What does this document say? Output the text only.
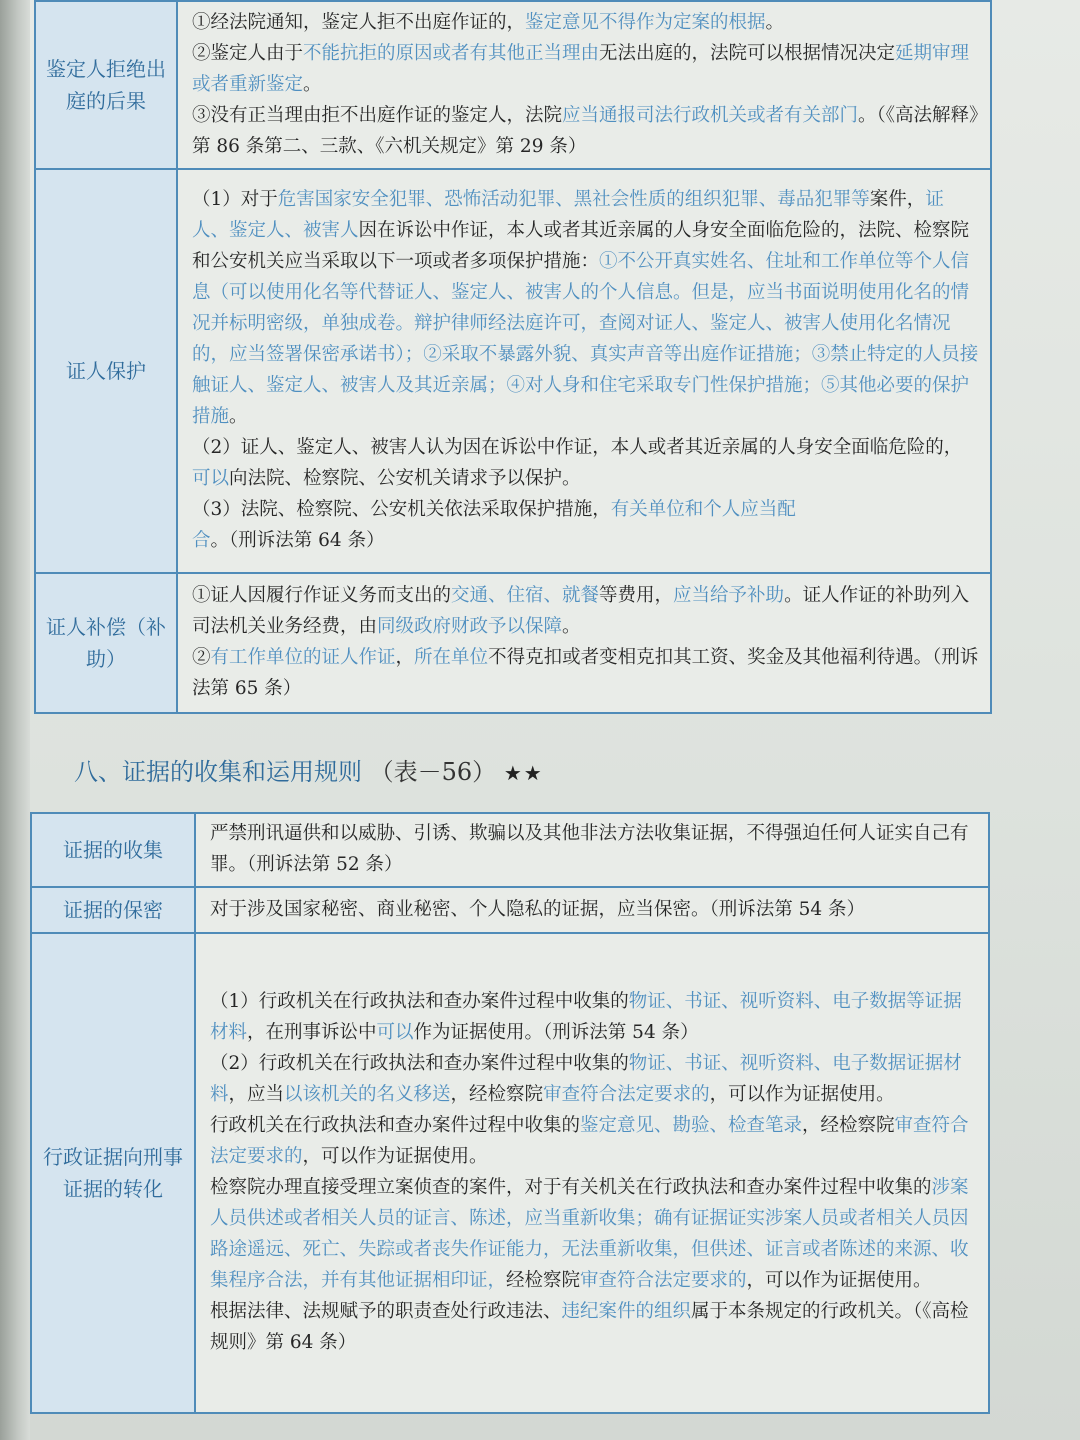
鉴定人拒绝出庭的后果	①经法院通知，鉴定人拒不出庭作证的，鉴定意见不得作为定案的根据。

②鉴定人由于不能抗拒的原因或者有其他正当理由无法出庭的，法院可以根据情况决定延期审理或者重新鉴定。

③没有正当理由拒不出庭作证的鉴定人，法院应当通报司法行政机关或者有关部门。（《高法解释》第 86 条第二、三款、《六机关规定》第 29 条）

证人保护	（1）对于危害国家安全犯罪、恐怖活动犯罪、黑社会性质的组织犯罪、毒品犯罪等案件，证人、鉴定人、被害人因在诉讼中作证，本人或者其近亲属的人身安全面临危险的，法院、检察院和公安机关应当采取以下一项或者多项保护措施：①不公开真实姓名、住址和工作单位等个人信息（可以使用化名等代替证人、鉴定人、被害人的个人信息。但是，应当书面说明使用化名的情况并标明密级，单独成卷。辩护律师经法庭许可，查阅对证人、鉴定人、被害人使用化名情况的，应当签署保密承诺书）；②采取不暴露外貌、真实声音等出庭作证措施；③禁止特定的人员接触证人、鉴定人、被害人及其近亲属；④对人身和住宅采取专门性保护措施；⑤其他必要的保护措施。

（2）证人、鉴定人、被害人认为因在诉讼中作证，本人或者其近亲属的人身安全面临危险的，可以向法院、检察院、公安机关请求予以保护。

（3）法院、检察院、公安机关依法采取保护措施，有关单位和个人应当配合。（刑诉法第 64 条）

证人补偿（补助）	①证人因履行作证义务而支出的交通、住宿、就餐等费用，应当给予补助。证人作证的补助列入司法机关业务经费，由同级政府财政予以保障。

②有工作单位的证人作证，所在单位不得克扣或者变相克扣其工资、奖金及其他福利待遇。（刑诉法第 65 条）

八、证据的收集和运用规则 （表－56） ★★
证据的收集	严禁刑讯逼供和以威胁、引诱、欺骗以及其他非法方法收集证据，不得强迫任何人证实自己有罪。（刑诉法第 52 条）

证据的保密	对于涉及国家秘密、商业秘密、个人隐私的证据，应当保密。（刑诉法第 54 条）

行政证据向刑事证据的转化	（1）行政机关在行政执法和查办案件过程中收集的物证、书证、视听资料、电子数据等证据材料，在刑事诉讼中可以作为证据使用。（刑诉法第 54 条）

（2）行政机关在行政执法和查办案件过程中收集的物证、书证、视听资料、电子数据证据材料，应当以该机关的名义移送，经检察院审查符合法定要求的，可以作为证据使用。

行政机关在行政执法和查办案件过程中收集的鉴定意见、勘验、检查笔录，经检察院审查符合法定要求的，可以作为证据使用。

检察院办理直接受理立案侦查的案件，对于有关机关在行政执法和查办案件过程中收集的涉案人员供述或者相关人员的证言、陈述，应当重新收集；确有证据证实涉案人员或者相关人员因路途遥远、死亡、失踪或者丧失作证能力，无法重新收集，但供述、证言或者陈述的来源、收集程序合法，并有其他证据相印证，经检察院审查符合法定要求的，可以作为证据使用。

根据法律、法规赋予的职责查处行政违法、违纪案件的组织属于本条规定的行政机关。（《高检规则》第 64 条）
